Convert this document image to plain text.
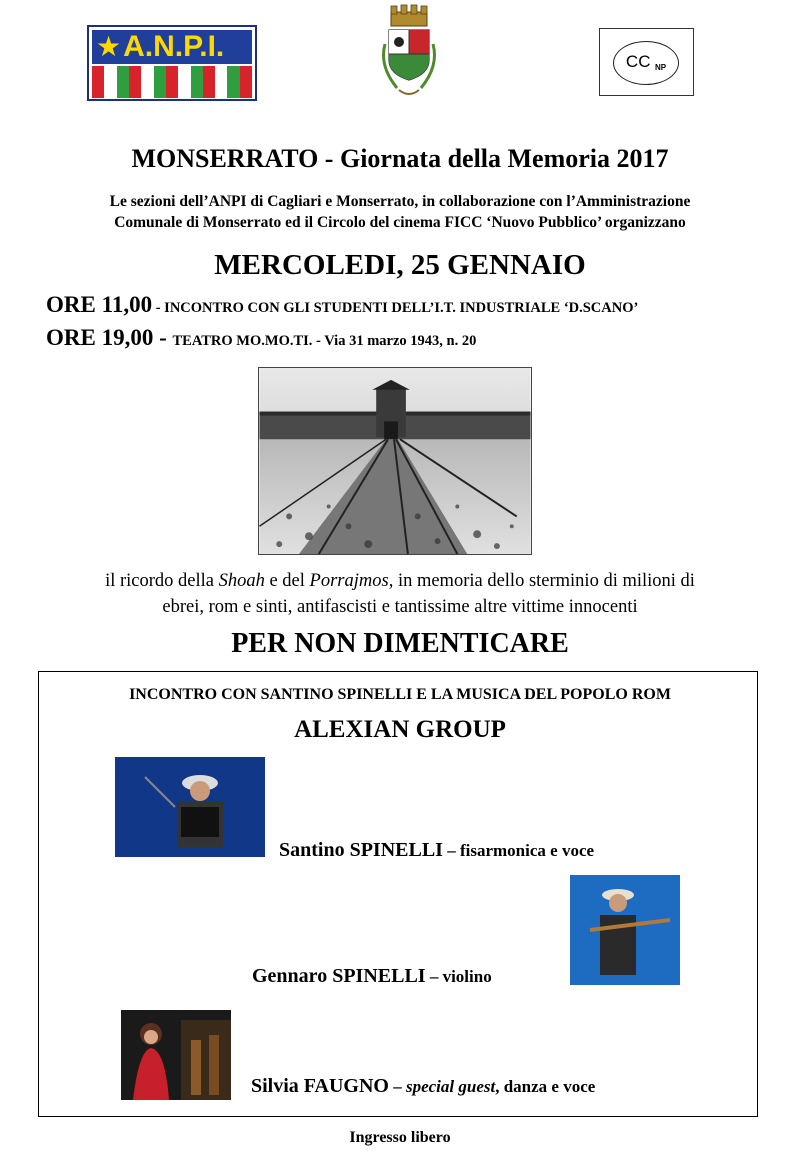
★A.N.P.I.	CC NP
MONSERRATO - Giornata della Memoria 2017
Le sezioni dell’ANPI di Cagliari e Monserrato, in collaborazione con l’Amministrazione
Comunale di Monserrato ed il Circolo del cinema FICC ‘Nuovo Pubblico’ organizzano
MERCOLEDI, 25 GENNAIO
ORE 11,00 - INCONTRO CON GLI STUDENTI DELL’I.T. INDUSTRIALE ‘D.SCANO’
ORE 19,00 - TEATRO MO.MO.TI. - Via 31 marzo 1943, n. 20
il ricordo della Shoah e del Porrajmos, in memoria dello sterminio di milioni di
ebrei, rom e sinti, antifascisti e tantissime altre vittime innocenti
PER NON DIMENTICARE
INCONTRO CON SANTINO SPINELLI E LA MUSICA DEL POPOLO ROM
ALEXIAN GROUP
Santino SPINELLI – fisarmonica e voce
Gennaro SPINELLI – violino
Silvia FAUGNO – special guest, danza e voce
Ingresso libero
